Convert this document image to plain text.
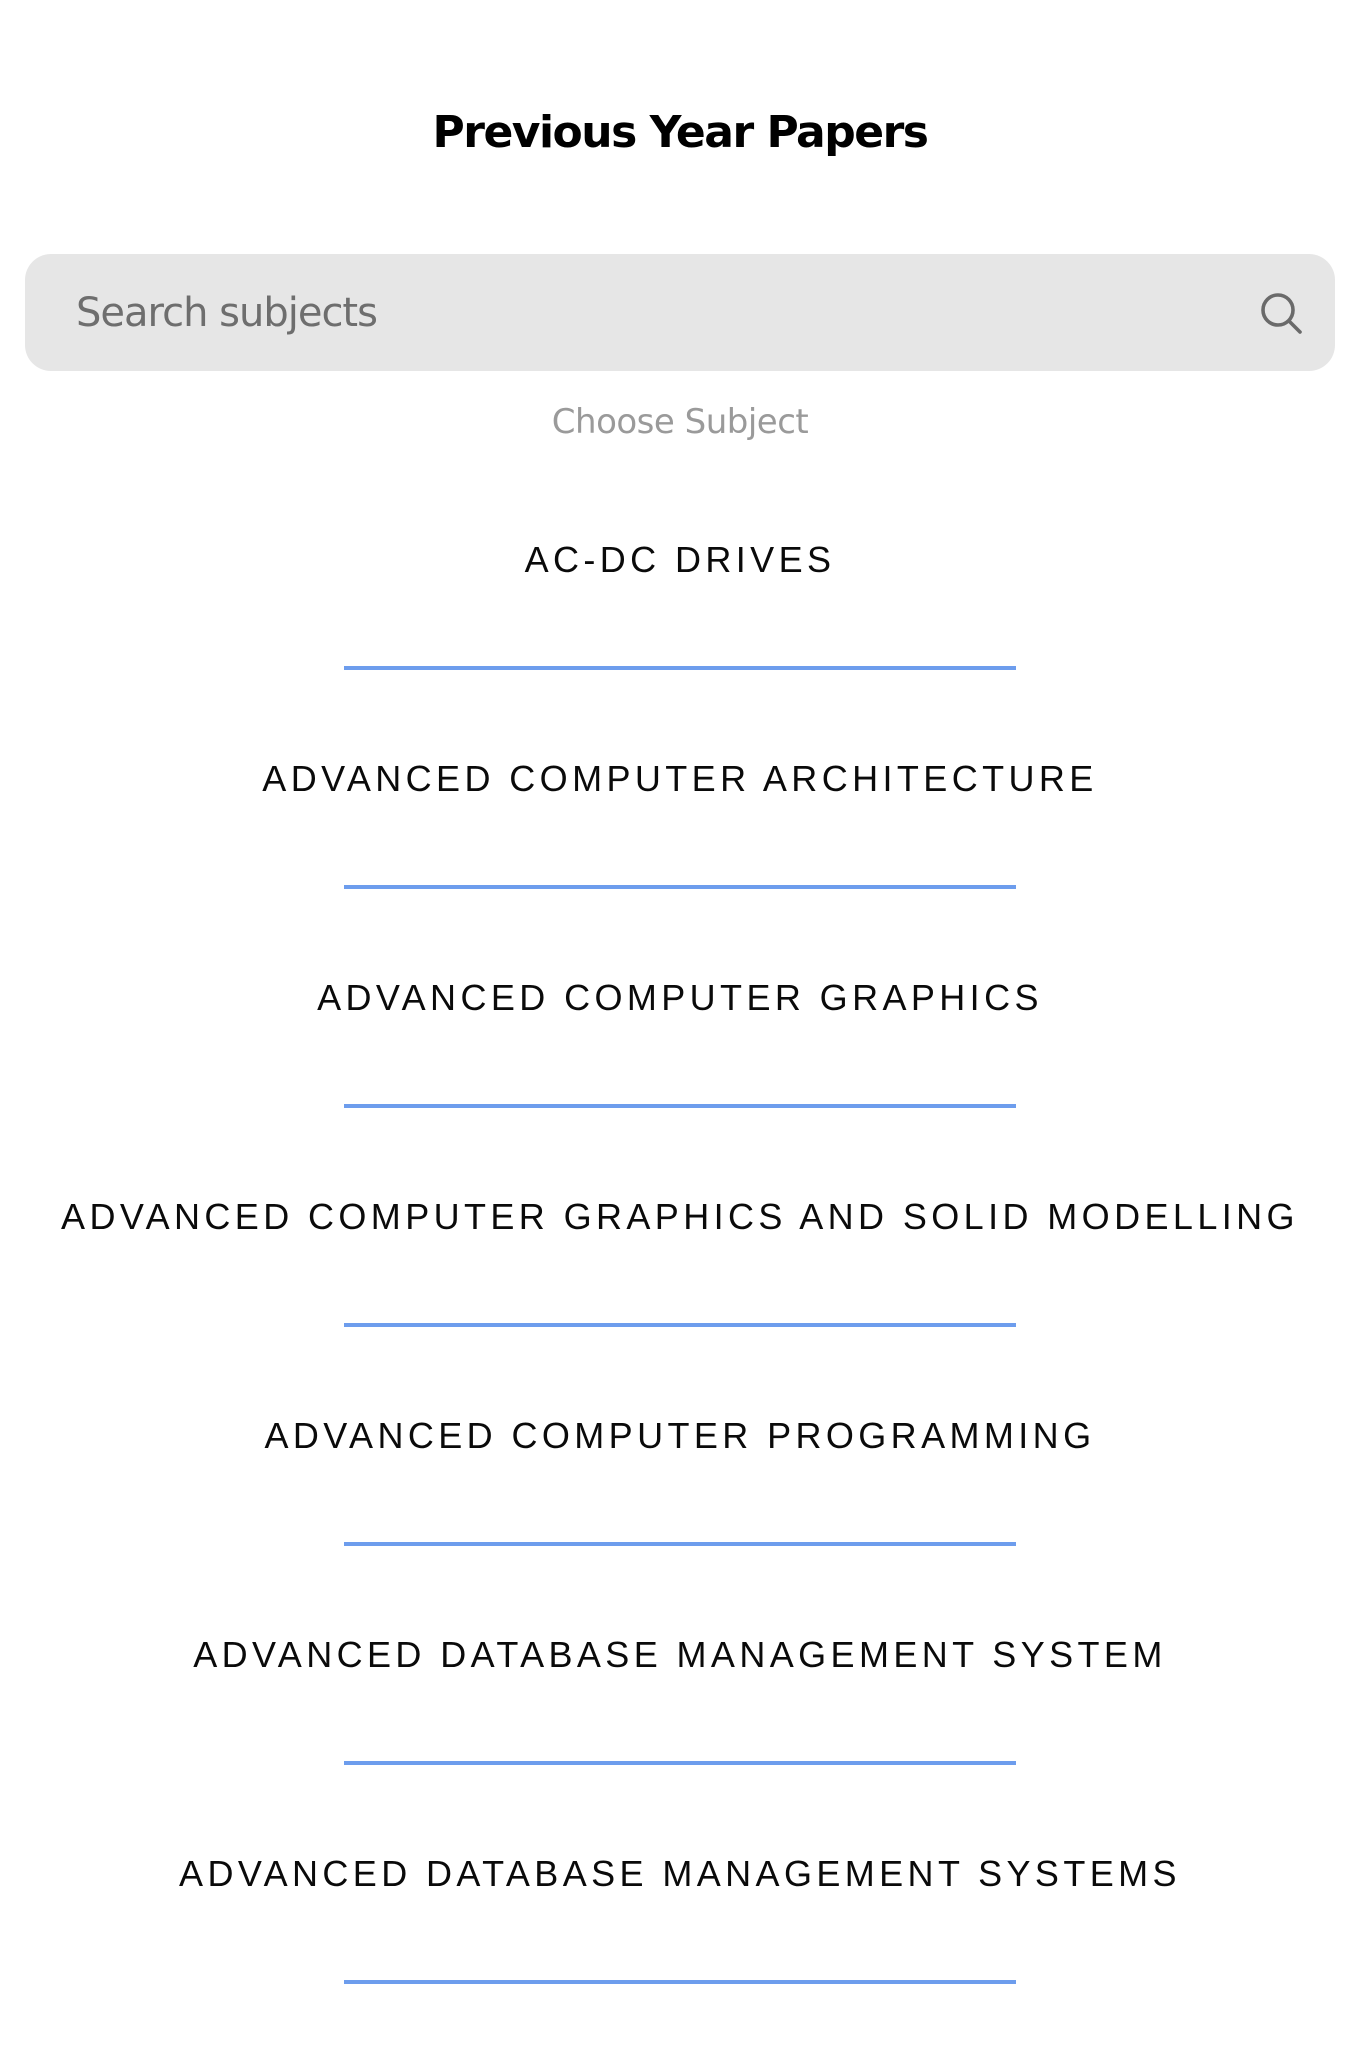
Previous Year Papers
Search subjects
Choose Subject
AC-DC DRIVES
ADVANCED COMPUTER ARCHITECTURE
ADVANCED COMPUTER GRAPHICS
ADVANCED COMPUTER GRAPHICS AND SOLID MODELLING
ADVANCED COMPUTER PROGRAMMING
ADVANCED DATABASE MANAGEMENT SYSTEM
ADVANCED DATABASE MANAGEMENT SYSTEMS
